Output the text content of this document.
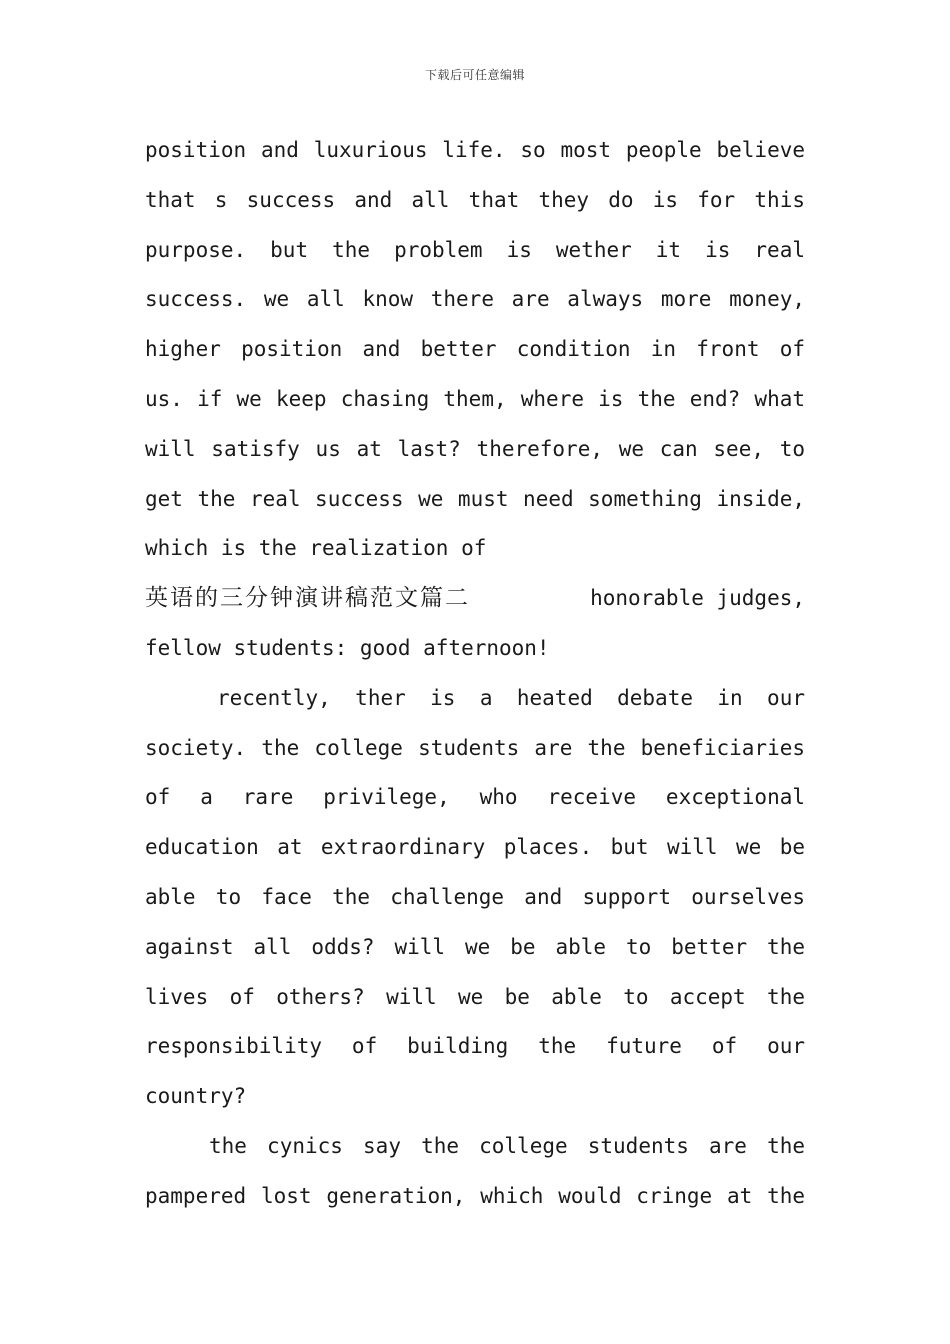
下载后可任意编辑
position and luxurious life. so most people believe
that s success and all that they do is for this
purpose. but the problem is wether it is real
success. we all know there are always more money,
higher position and better condition in front of
us. if we keep chasing them, where is the end? what
will satisfy us at last? therefore, we can see, to
get the real success we must need something inside,
which is the realization of
英语的三分钟演讲稿范文篇二	honorable judges,
fellow students: good afternoon!
recently, ther is a heated debate in our
society. the college students are the beneficiaries
of a rare privilege, who receive exceptional
education at extraordinary places. but will we be
able to face the challenge and support ourselves
against all odds? will we be able to better the
lives of others? will we be able to accept the
responsibility of building the future of our
country?
the cynics say the college students are the
pampered lost generation, which would cringe at the
